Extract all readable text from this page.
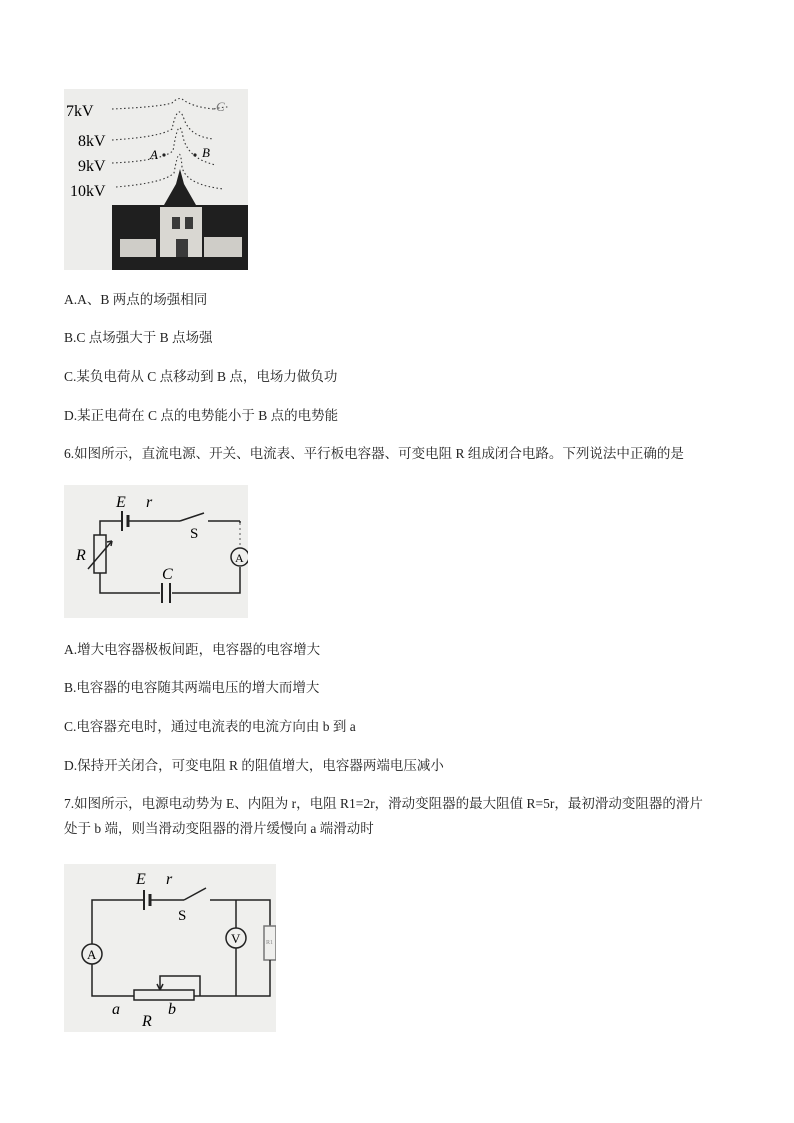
7kV
8kV
9kV
10kV
A	B
C
A.A、B 两点的场强相同
B.C 点场强大于 B 点场强
C.某负电荷从 C 点移动到 B 点，电场力做负功
D.某正电荷在 C 点的电势能小于 B 点的电势能
6.如图所示，直流电源、开关、电流表、平行板电容器、可变电阻 R 组成闭合电路。下列说法中正确的是
E r
S
R
C
A
A.增大电容器极板间距，电容器的电容增大
B.电容器的电容随其两端电压的增大而增大
C.电容器充电时，通过电流表的电流方向由 b 到 a
D.保持开关闭合，可变电阻 R 的阻值增大，电容器两端电压减小
7.如图所示，电源电动势为 E、内阻为 r，电阻 R1=2r，滑动变阻器的最大阻值 R=5r，最初滑动变阻器的滑片
处于 b 端，则当滑动变阻器的滑片缓慢向 a 端滑动时
E r
S
A
V	R1
a	b
R
